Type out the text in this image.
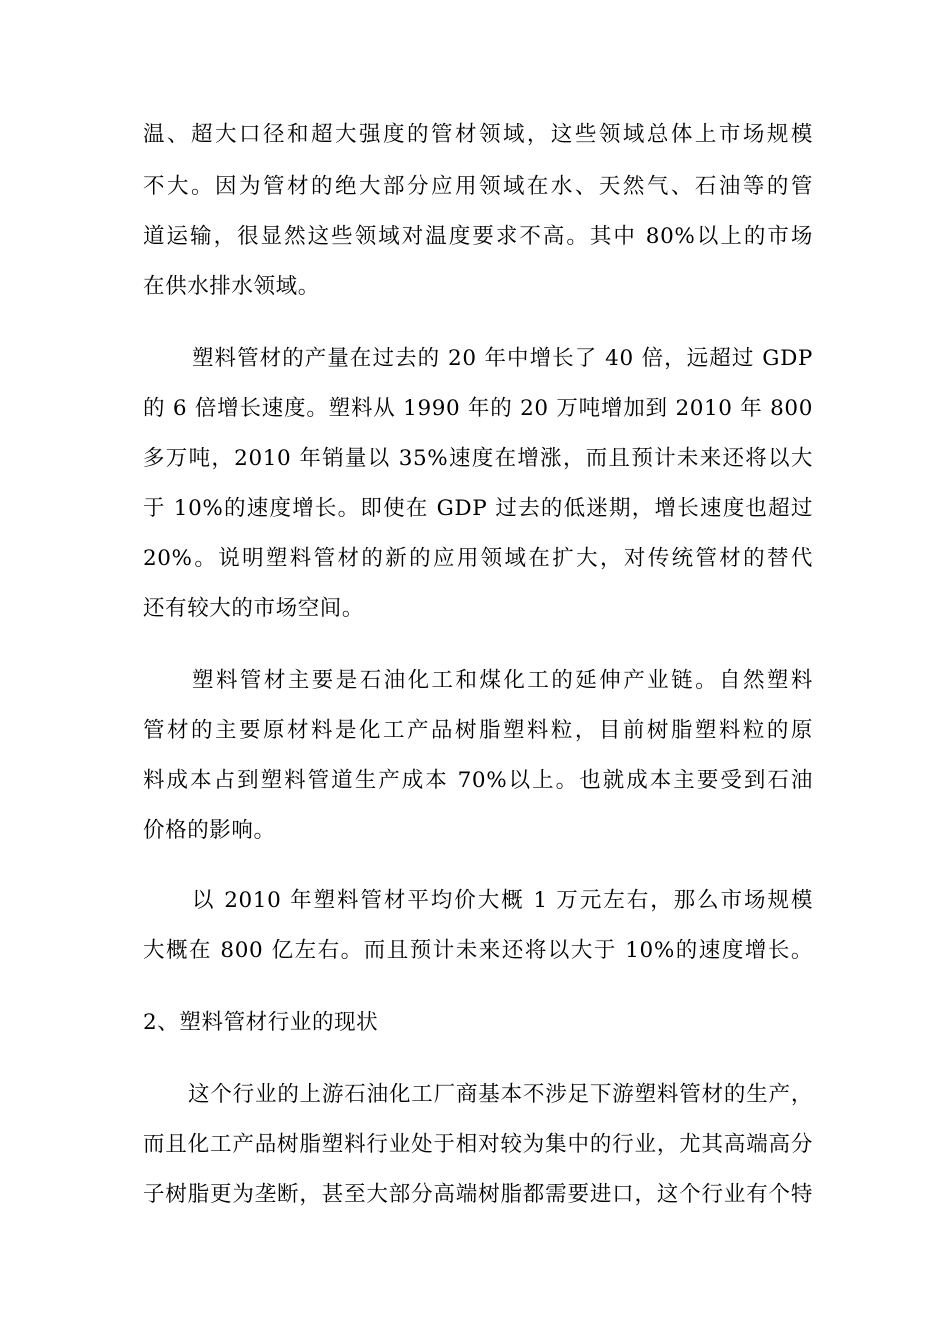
温、超大口径和超大强度的管材领域，这些领域总体上市场规模
不大。因为管材的绝大部分应用领域在水、天然气、石油等的管
道运输，很显然这些领域对温度要求不高。其中 80%以上的市场
在供水排水领域。
塑料管材的产量在过去的 20 年中增长了 40 倍，远超过 GDP
的 6 倍增长速度。塑料从 1990 年的 20 万吨增加到 2010 年 800
多万吨，2010 年销量以 35%速度在增涨，而且预计未来还将以大
于 10%的速度增长。即使在 GDP 过去的低迷期，增长速度也超过
20%。说明塑料管材的新的应用领域在扩大，对传统管材的替代
还有较大的市场空间。
塑料管材主要是石油化工和煤化工的延伸产业链。自然塑料
管材的主要原材料是化工产品树脂塑料粒，目前树脂塑料粒的原
料成本占到塑料管道生产成本 70%以上。也就成本主要受到石油
价格的影响。
以 2010 年塑料管材平均价大概 1 万元左右，那么市场规模
大概在 800 亿左右。而且预计未来还将以大于 10%的速度增长。
2、塑料管材行业的现状
这个行业的上游石油化工厂商基本不涉足下游塑料管材的生产，
而且化工产品树脂塑料行业处于相对较为集中的行业，尤其高端高分
子树脂更为垄断，甚至大部分高端树脂都需要进口，这个行业有个特
